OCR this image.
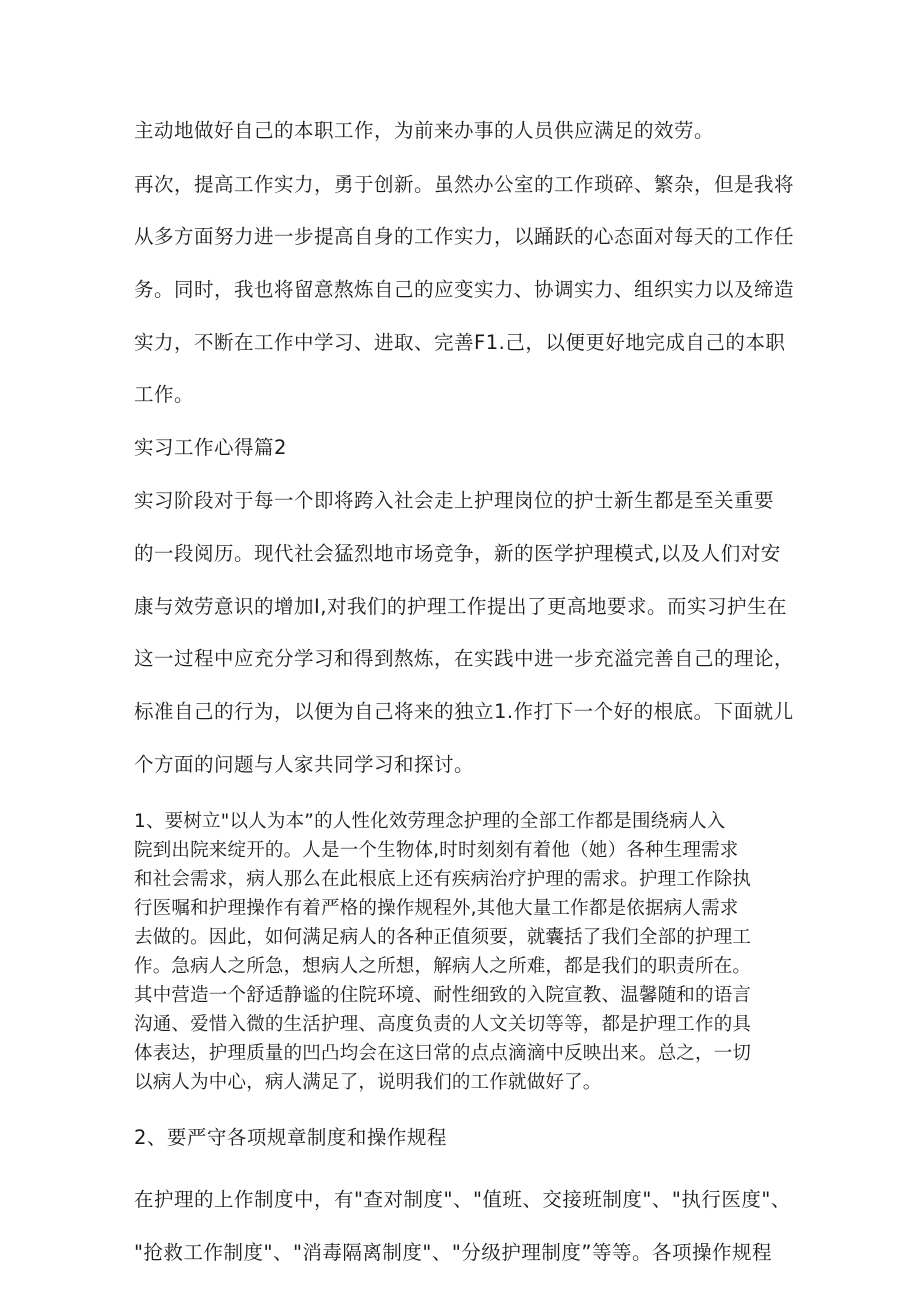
主动地做好自己的本职工作，为前来办事的人员供应满足的效劳。
再次，提高工作实力，勇于创新。虽然办公室的工作琐碎、繁杂，但是我将
从多方面努力进一步提高自身的工作实力，以踊跃的心态面对每天的工作任
务。同时，我也将留意熬炼自己的应变实力、协调实力、组织实力以及缔造
实力，不断在工作中学习、进取、完善F1.己，以便更好地完成自己的本职
工作。
实习工作心得篇2
实习阶段对于每一个即将跨入社会走上护理岗位的护士新生都是至关重要
的一段阅历。现代社会猛烈地市场竞争，新的医学护理模式,以及人们对安
康与效劳意识的增加I,对我们的护理工作提出了更高地要求。而实习护生在
这一过程中应充分学习和得到熬炼，在实践中进一步充溢完善自己的理论，
标准自己的行为，以便为自己将来的独立1.作打下一个好的根底。下面就儿
个方面的问题与人家共同学习和探讨。
1、要树立"以人为本”的人性化效劳理念护理的全部工作都是围绕病人入
院到出院来绽开的。人是一个生物体,时时刻刻有着他（她）各种生理需求
和社会需求，病人那么在此根底上还有疾病治疗护理的需求。护理工作除执
行医嘱和护理操作有着严格的操作规程外,其他大量工作都是依据病人需求
去做的。因此，如何满足病人的各种正值须要，就囊括了我们全部的护理工
作。急病人之所急，想病人之所想，解病人之所难，都是我们的职责所在。
其中营造一个舒适静谧的住院环境、耐性细致的入院宣教、温馨随和的语言
沟通、爱惜入微的生活护理、高度负责的人文关切等等，都是护理工作的具
体表达，护理质量的凹凸均会在这曰常的点点滴滴中反映出来。总之，一切
以病人为中心，病人满足了，说明我们的工作就做好了。
2、要严守各项规章制度和操作规程
在护理的上作制度中，有"查对制度"、"值班、交接班制度"、"执行医度"、
"抢救工作制度"、"消毒隔离制度"、"分级护理制度”等等。各项操作规程
